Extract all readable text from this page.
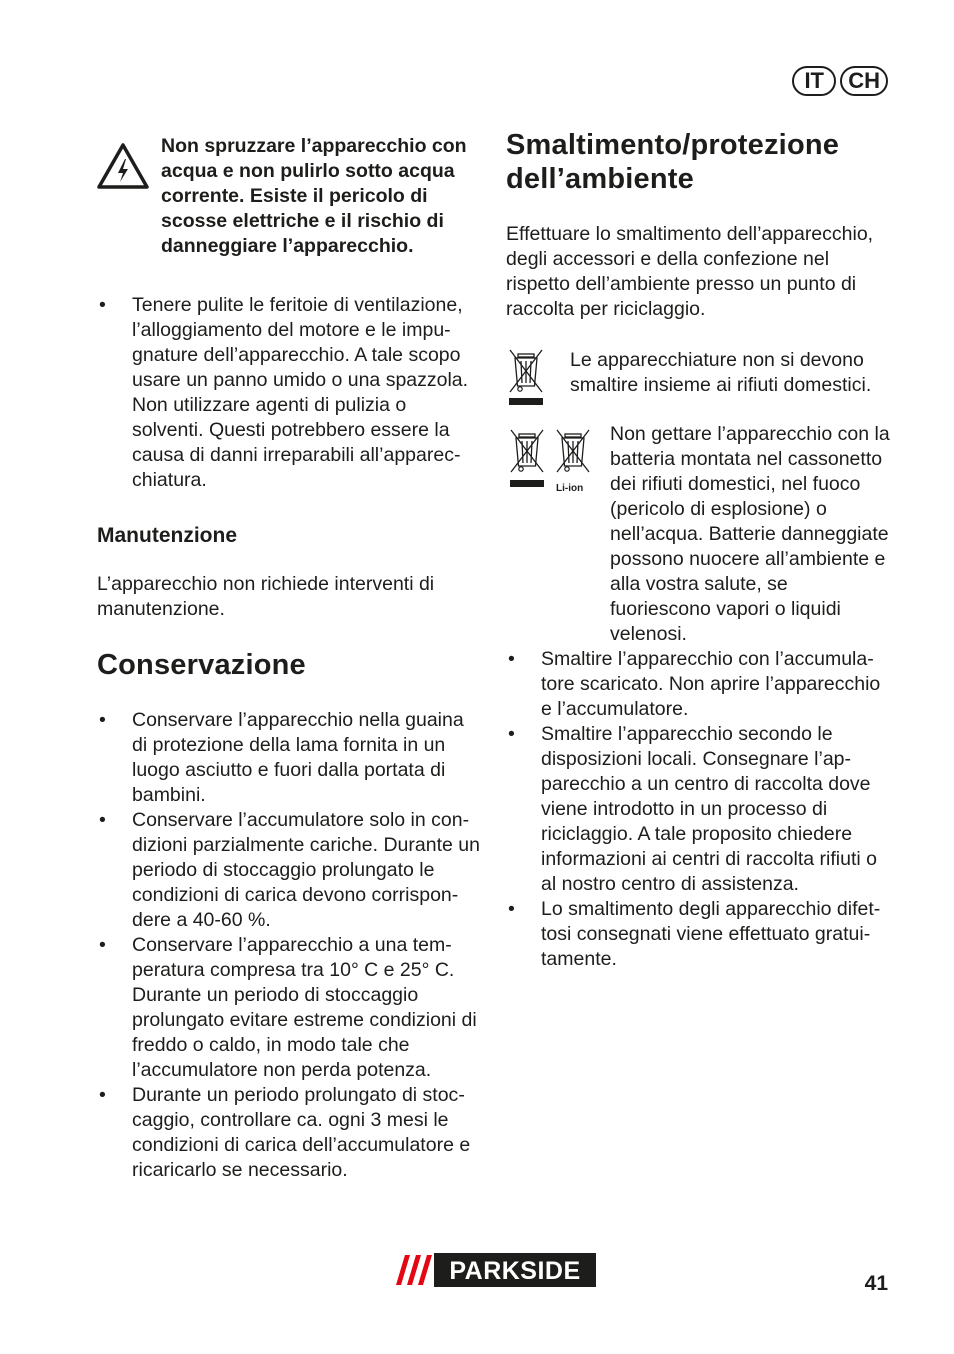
IT	CH

Non spruzzare l’apparecchio con acqua e non pulirlo sotto acqua corrente. Esiste il pericolo di scosse elettriche e il rischio di danneggiare l’apparecchio.

• Tenere pulite le feritoie di ventilazione, l’alloggiamento del motore e le impugnature dell’apparecchio. A tale scopo usare un panno umido o una spazzola. Non utilizzare agenti di pulizia o solventi. Questi potrebbero essere la causa di danni irreparabili all’apparecchiatura.
Manutenzione

L’apparecchio non richiede interventi di manutenzione.

Conservazione
• Conservare l’apparecchio nella guaina di protezione della lama fornita in un luogo asciutto e fuori dalla portata di bambini.
• Conservare l’accumulatore solo in condizioni parzialmente cariche. Durante un periodo di stoccaggio prolungato le condizioni di carica devono corrispondere a 40-60 %.
• Conservare l’apparecchio a una temperatura compresa tra 10° C e 25° C. Durante un periodo di stoccaggio prolungato evitare estreme condizioni di freddo o caldo, in modo tale che l’accumulatore non perda potenza.
• Durante un periodo prolungato di stoccaggio, controllare ca. ogni 3 mesi le condizioni di carica dell’accumulatore e ricaricarlo se necessario.
Smaltimento/protezione dell’ambiente

Effettuare lo smaltimento dell’apparecchio, degli accessori e della confezione nel rispetto dell’ambiente presso un punto di raccolta per riciclaggio.

Le apparecchiature non si devono smaltire insieme ai rifiuti domestici.

Li-ion

Non gettare l’apparecchio con la batteria montata nel cassonetto dei rifiuti domestici, nel fuoco (pericolo di esplosione) o nell’acqua. Batterie danneggiate possono nuocere all’ambiente e alla vostra salute, se fuoriescono vapori o liquidi velenosi.

• Smaltire l’apparecchio con l’accumulatore scaricato. Non aprire l’apparecchio e l’accumulatore.
• Smaltire l’apparecchio secondo le disposizioni locali. Consegnare l’apparecchio a un centro di raccolta dove viene introdotto in un processo di riciclaggio. A tale proposito chiedere informazioni ai centri di raccolta rifiuti o al nostro centro di assistenza.
• Lo smaltimento degli apparecchio difettosi consegnati viene effettuato gratuitamente.
PARKSIDE	41
